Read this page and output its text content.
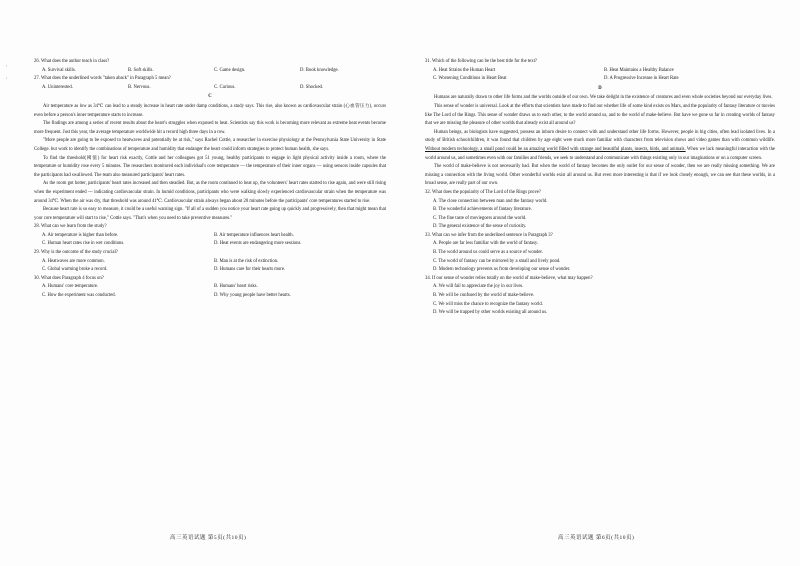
'
'

26. What does the author teach in class?

A. Survival skills.	B. Soft skills.	C. Game design.	D. Book knowledge.

27. What does the underlined words "taken aback" in Paragraph 5 mean?

A. Uninterested.	B. Nervous.	C. Curious.	D. Shocked.
C

Air temperature as low as 34℃ can lead to a steady increase in heart rate under damp conditions, a study says. This rise, also known as cardiovascular strain (心血管压力), occurs even before a person's inner temperature starts to increase.

The findings are among a series of recent results about the heart's struggles when exposed to heat. Scientists say this work is becoming more relevant as extreme heat events become more frequent. Just this year, the average temperature worldwide hit a record high three days in a row.

"More people are going to be exposed to heatwaves and potentially be at risk," says Rachel Cottle, a researcher in exercise physiology at the Pennsylvania State University in State College. but work to identify the combinations of temperature and humidity that endanger the heart could inform strategies to protect human health, she says.

To find the threshold(阈值) for heart risk exactly, Cottle and her colleagues got 51 young, healthy participants to engage in light physical activity inside a room, where the temperature or humidity rose every 5 minutes. The researchers monitored each individual's core temperature — the temperature of their inner organs — using sensors inside capsules that the participants had swallowed. The team also measured participants' heart rates.

As the room got hotter, participants' heart rates increased and then steadied. But, as the room continued to heat up, the volunteers' heart rates started to rise again, and were still rising when the experiment ended — indicating cardiovascular strain. In humid conditions, participants who were walking slowly experienced cardiovascular strain when the temperature was around 34℃. When the air was dry, that threshold was around 41℃. Cardiovascular strain always began about 20 minutes before the participants' core temperatures started to rise.

Because heart rate is so easy to measure, it could be a useful warning sign. "If all of a sudden you notice your heart rate going up quickly and progressively, then that might mean that your core temperature will start to rise," Cottle says. "That's when you need to take preventive measures."

28. What can we learn from the study?

A. Air temperature is higher than before.	B. Air temperature influences heart health.
C. Human heart rates rise in wet conditions.	D. Heat events are endangering more sessions.

29. Why is the outcome of the study crucial?

A. Heatwaves are more common.	B. Man is at the risk of extinction.
C. Global warming broke a record.	D. Humans care for their hearts more.

30. What does Paragraph 4 focus on?

A. Humans' core temperature.	B. Humans' heart risks.
C. How the experiment was conducted.	D. Why young people have better hearts.

31. Which of the following can be the best title for the text?

A. Heat Strains the Human Heart	B. Heat Maintains a Healthy Balance
C. Worsening Conditions in Heart Beat	D. A Progressive Increase in Heart Rate
D

Humans are naturally drawn to other life forms and the worlds outside of our own. We take delight in the existence of creatures and even whole societies beyond our everyday lives.

This sense of wonder is universal. Look at the efforts that scientists have made to find out whether life of some kind exists on Mars, and the popularity of fantasy literature or movies like The Lord of the Rings. This sense of wonder draws us to each other, to the world around us, and to the world of make-believe. But have we gone so far in creating worlds of fantasy that we are missing the pleasure of other worlds that already exist all around us?

Human beings, as biologists have suggested, possess an inborn desire to connect with and understand other life forms. However, people in big cities, often lead isolated lives. In a study of British schoolchildren, it was found that children by age eight were much more familiar with characters from television shows and video games than with common wildlife. Without modern technology, a small pond could be an amazing world filled with strange and beautiful plants, insects, birds, and animals. When we lack meaningful interaction with the world around us, and sometimes even with our families and friends, we seek to understand and communicate with things existing only in our imaginations or on a computer screen.

The world of make-believe is not necessarily bad. But when the world of fantasy becomes the only outlet for our sense of wonder, then we are really missing something. We are missing a connection with the living world. Other wonderful worlds exist all around us. But even more interesting is that if we look closely enough, we can see that these worlds, in a broad sense, are really part of our own.

32. What does the popularity of The Lord of the Rings prove?

A. The close connection between man and the fantasy world.
B. The wonderful achievements of fantasy literature.
C. The fine taste of moviegoers around the world.
D. The general existence of the sense of curiosity.

33. What can we infer from the underlined sentence in Paragraph 3?

A. People are far less familiar with the world of fantasy.
B. The world around us could serve as a source of wonder.
C. The world of fantasy can be mirrored by a small and lively pond.
D. Modern technology prevents us from developing our sense of wonder.

34. If our sense of wonder relies totally on the world of make-believe, what may happen?

A. We will fail to appreciate the joy in our lives.
B. We will be confused by the world of make-believe.
C. We will miss the chance to recognize the fantasy world.
D. We will be trapped by other worlds existing all around us.
高三英语试题 第5页(共10页)	高三英语试题 第6页(共10页)
